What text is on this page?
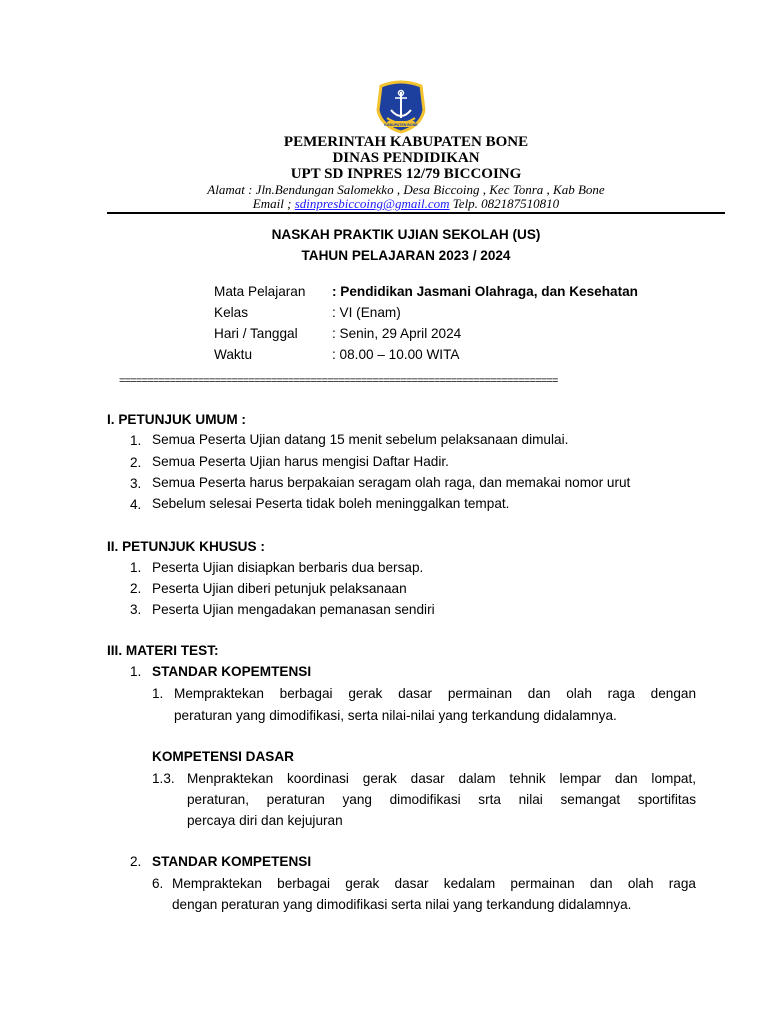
KABUPATEN BONE
PEMERINTAH KABUPATEN BONE
DINAS PENDIDIKAN
UPT SD INPRES 12/79 BICCOING
Alamat : Jln.Bendungan Salomekko , Desa Biccoing , Kec Tonra , Kab Bone
Email ; sdinpresbiccoing@gmail.com Telp. 082187510810
NASKAH PRAKTIK UJIAN SEKOLAH (US)
TAHUN PELAJARAN 2023 / 2024
Mata Pelajaran : Pendidikan Jasmani Olahraga, dan Kesehatan
Kelas	: VI (Enam)
Hari / Tanggal	: Senin, 29 April 2024
Waktu	: 08.00 – 10.00 WITA
==============================================================================
I. PETUNJUK UMUM :
1. Semua Peserta Ujian datang 15 menit sebelum pelaksanaan dimulai.
2. Semua Peserta Ujian harus mengisi Daftar Hadir.
3. Semua Peserta harus berpakaian seragam olah raga, dan memakai nomor urut
4. Sebelum selesai Peserta tidak boleh meninggalkan tempat.
II. PETUNJUK KHUSUS :
1. Peserta Ujian disiapkan berbaris dua bersap.
2. Peserta Ujian diberi petunjuk pelaksanaan
3. Peserta Ujian mengadakan pemanasan sendiri
III. MATERI TEST:
1. STANDAR KOPEMTENSI
1. Mempraktekan berbagai gerak dasar permainan dan olah raga dengan
peraturan yang dimodifikasi, serta nilai-nilai yang terkandung didalamnya.
KOMPETENSI DASAR
1.3. Menpraktekan koordinasi gerak dasar dalam tehnik lempar dan lompat,
peraturan, peraturan yang dimodifikasi srta nilai semangat sportifitas
percaya diri dan kejujuran
2. STANDAR KOMPETENSI
6. Mempraktekan berbagai gerak dasar kedalam permainan dan olah raga
dengan peraturan yang dimodifikasi serta nilai yang terkandung didalamnya.
